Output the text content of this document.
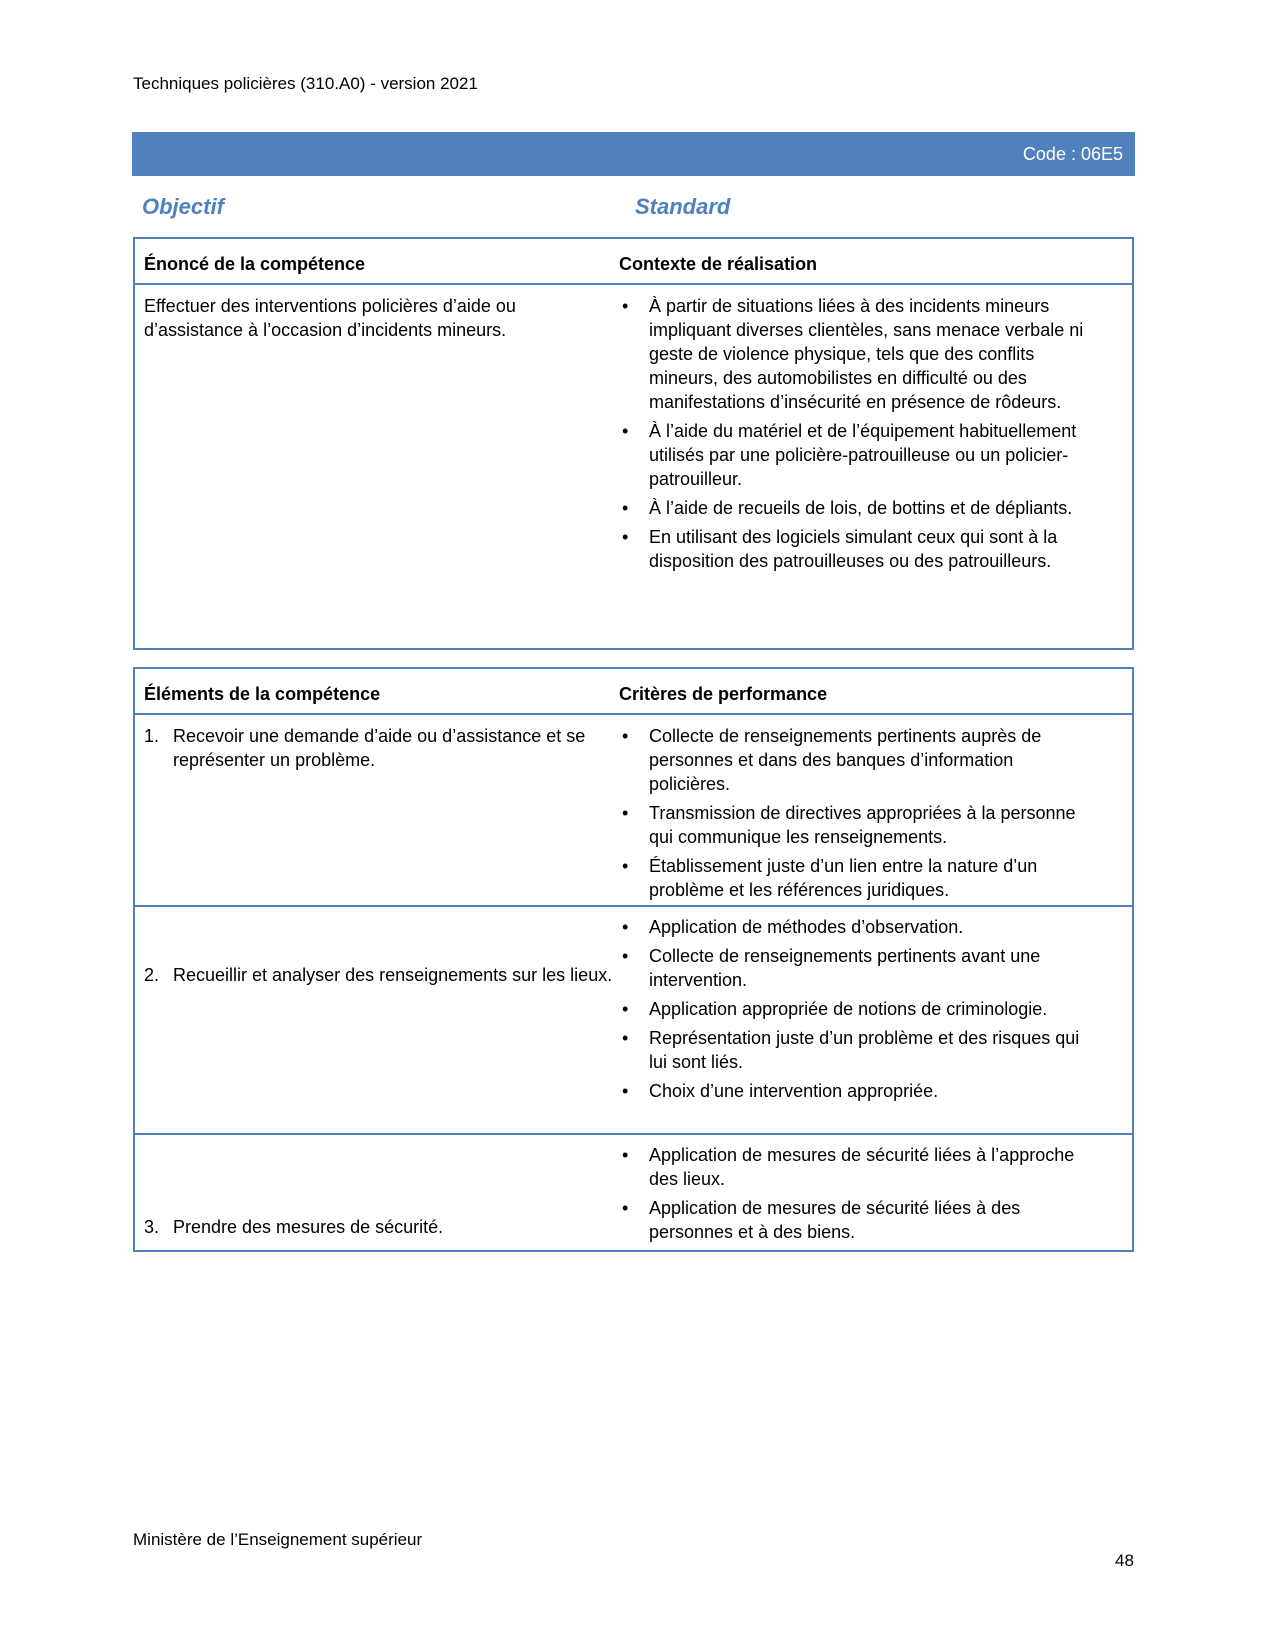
Techniques policières (310.A0) - version 2021
Code : 06E5
Objectif	Standard
Énoncé de la compétence	Contexte de réalisation
Effectuer des interventions policières d’aide ou d’assistance à l’occasion d’incidents mineurs.
• À partir de situations liées à des incidents mineurs impliquant diverses clientèles, sans menace verbale ni geste de violence physique, tels que des conflits mineurs, des automobilistes en difficulté ou des manifestations d’insécurité en présence de rôdeurs.
• À l’aide du matériel et de l’équipement habituellement utilisés par une policière-patrouilleuse ou un policier-patrouilleur.
• À l’aide de recueils de lois, de bottins et de dépliants.
• En utilisant des logiciels simulant ceux qui sont à la disposition des patrouilleuses ou des patrouilleurs.
Éléments de la compétence	Critères de performance
1. Recevoir une demande d’aide ou d’assistance et se représenter un problème.
• Collecte de renseignements pertinents auprès de personnes et dans des banques d’information policières.
• Transmission de directives appropriées à la personne qui communique les renseignements.
• Établissement juste d’un lien entre la nature d’un problème et les références juridiques.
2. Recueillir et analyser des renseignements sur les lieux.
• Application de méthodes d’observation.
• Collecte de renseignements pertinents avant une intervention.
• Application appropriée de notions de criminologie.
• Représentation juste d’un problème et des risques qui lui sont liés.
• Choix d’une intervention appropriée.
3. Prendre des mesures de sécurité.
• Application de mesures de sécurité liées à l’approche des lieux.
• Application de mesures de sécurité liées à des personnes et à des biens.
Ministère de l’Enseignement supérieur
48
